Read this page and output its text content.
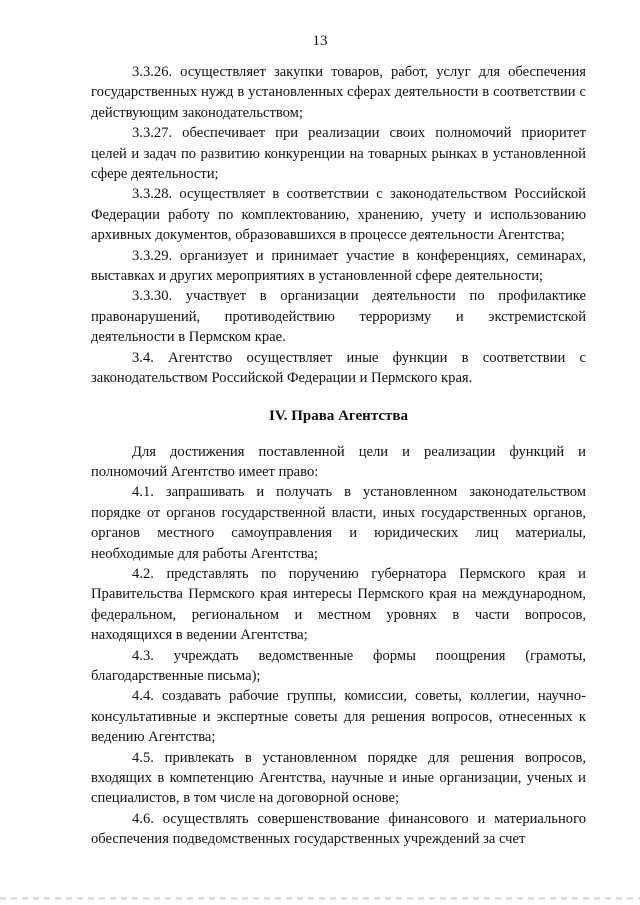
13

3.3.26. осуществляет закупки товаров, работ, услуг для обеспечения государственных нужд в установленных сферах деятельности в соответствии с действующим законодательством;

3.3.27. обеспечивает при реализации своих полномочий приоритет целей и задач по развитию конкуренции на товарных рынках в установленной сфере деятельности;

3.3.28. осуществляет в соответствии с законодательством Российской Федерации работу по комплектованию, хранению, учету и использованию архивных документов, образовавшихся в процессе деятельности Агентства;

3.3.29. организует и принимает участие в конференциях, семинарах, выставках и других мероприятиях в установленной сфере деятельности;

3.3.30. участвует в организации деятельности по профилактике правонарушений, противодействию терроризму и экстремистской деятельности в Пермском крае.

3.4. Агентство осуществляет иные функции в соответствии с законодательством Российской Федерации и Пермского края.

IV. Права Агентства

Для достижения поставленной цели и реализации функций и полномочий Агентство имеет право:

4.1. запрашивать и получать в установленном законодательством порядке от органов государственной власти, иных государственных органов, органов местного самоуправления и юридических лиц материалы, необходимые для работы Агентства;

4.2. представлять по поручению губернатора Пермского края и Правительства Пермского края интересы Пермского края на международном, федеральном, региональном и местном уровнях в части вопросов, находящихся в ведении Агентства;

4.3. учреждать ведомственные формы поощрения (грамоты, благодарственные письма);

4.4. создавать рабочие группы, комиссии, советы, коллегии, научно-консультативные и экспертные советы для решения вопросов, отнесенных к ведению Агентства;

4.5. привлекать в установленном порядке для решения вопросов, входящих в компетенцию Агентства, научные и иные организации, ученых и специалистов, в том числе на договорной основе;

4.6. осуществлять совершенствование финансового и материального обеспечения подведомственных государственных учреждений за счет
